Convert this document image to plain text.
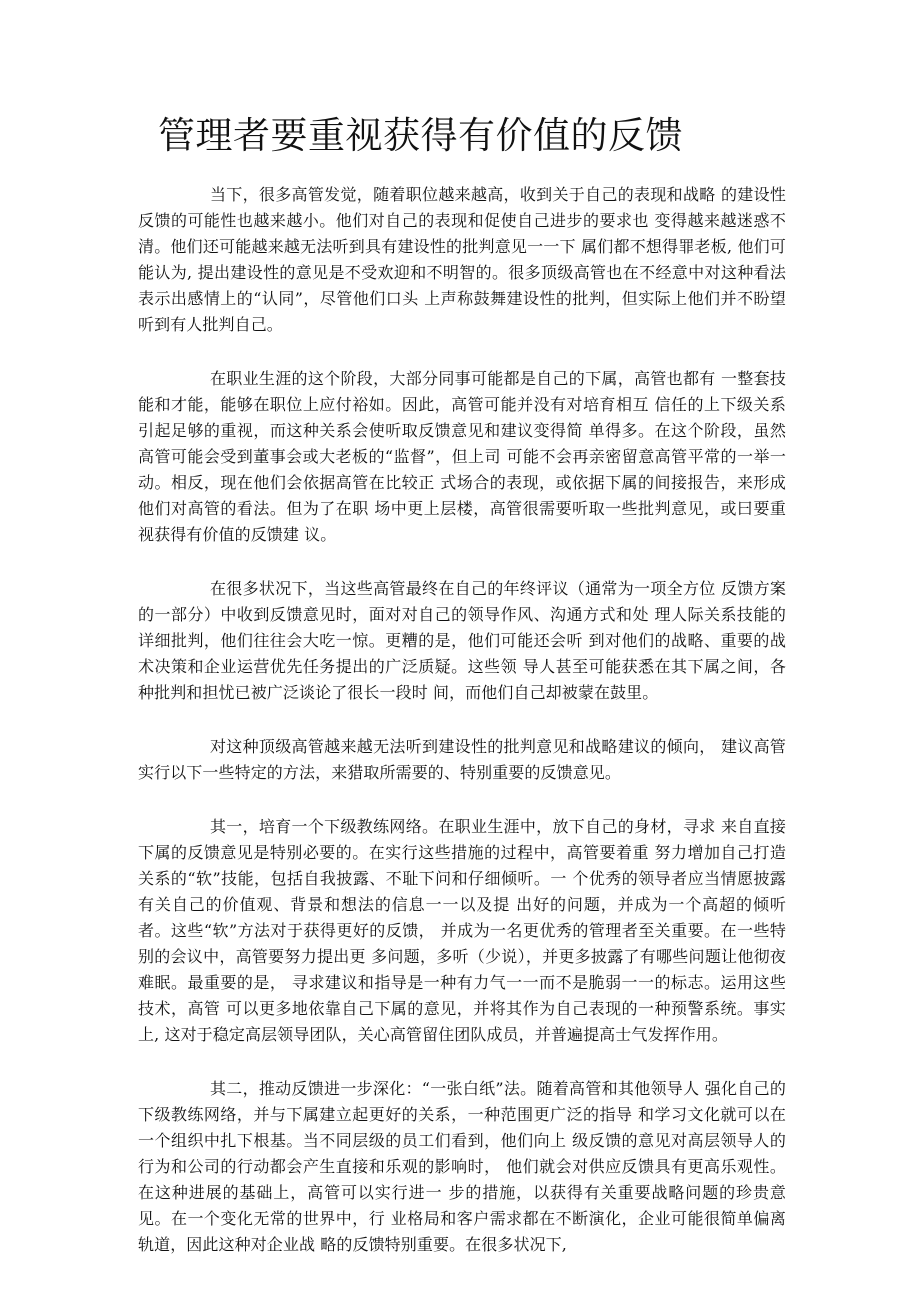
管理者要重视获得有价值的反馈

当下，很多高管发觉，随着职位越来越高，收到关于自己的表现和战略 的建设性反馈的可能性也越来越小。他们对自己的表现和促使自己进步的要求也 变得越来越迷惑不清。他们还可能越来越无法听到具有建设性的批判意见一一下 属们都不想得罪老板, 他们可能认为, 提出建设性的意见是不受欢迎和不明智的。很多顶级高管也在不经意中对这种看法表示出感情上的“认同”，尽管他们口头 上声称鼓舞建设性的批判，但实际上他们并不盼望听到有人批判自己。

在职业生涯的这个阶段，大部分同事可能都是自己的下属，高管也都有 一整套技能和才能，能够在职位上应付裕如。因此，高管可能并没有对培育相互 信任的上下级关系引起足够的重视，而这种关系会使听取反馈意见和建议变得简 单得多。在这个阶段，虽然高管可能会受到董事会或大老板的“监督”，但上司 可能不会再亲密留意高管平常的一举一动。相反，现在他们会依据高管在比较正 式场合的表现，或依据下属的间接报告，来形成他们对高管的看法。但为了在职 场中更上层楼，高管很需要听取一些批判意见，或曰要重视获得有价值的反馈建 议。

在很多状况下，当这些高管最终在自己的年终评议（通常为一项全方位 反馈方案的一部分）中收到反馈意见时，面对对自己的领导作风、沟通方式和处 理人际关系技能的详细批判，他们往往会大吃一惊。更糟的是，他们可能还会听 到对他们的战略、重要的战术决策和企业运营优先任务提出的广泛质疑。这些领 导人甚至可能获悉在其下属之间，各种批判和担忧已被广泛谈论了很长一段时 间，而他们自己却被蒙在鼓里。

对这种顶级高管越来越无法听到建设性的批判意见和战略建议的倾向， 建议高管实行以下一些特定的方法，来猎取所需要的、特别重要的反馈意见。

其一，培育一个下级教练网络。在职业生涯中，放下自己的身材，寻求 来自直接下属的反馈意见是特别必要的。在实行这些措施的过程中，高管要着重 努力增加自己打造关系的“软”技能，包括自我披露、不耻下问和仔细倾听。一 个优秀的领导者应当情愿披露有关自己的价值观、背景和想法的信息一一以及提 出好的问题，并成为一个高超的倾听者。这些“软”方法对于获得更好的反馈， 并成为一名更优秀的管理者至关重要。在一些特别的会议中，高管要努力提出更 多问题，多听（少说），并更多披露了有哪些问题让他彻夜难眠。最重要的是， 寻求建议和指导是一种有力气一一而不是脆弱一一的标志。运用这些技术，高管 可以更多地依靠自己下属的意见，并将其作为自己表现的一种预警系统。事实上, 这对于稳定高层领导团队，关心高管留住团队成员，并普遍提高士气发挥作用。

其二，推动反馈进一步深化：“一张白纸”法。随着高管和其他领导人 强化自己的下级教练网络，并与下属建立起更好的关系，一种范围更广泛的指导 和学习文化就可以在一个组织中扎下根基。当不同层级的员工们看到，他们向上 级反馈的意见对高层领导人的行为和公司的行动都会产生直接和乐观的影响时， 他们就会对供应反馈具有更高乐观性。在这种进展的基础上，高管可以实行进一 步的措施，以获得有关重要战略问题的珍贵意见。在一个变化无常的世界中，行 业格局和客户需求都在不断演化，企业可能很简单偏离轨道，因此这种对企业战 略的反馈特别重要。在很多状况下,
